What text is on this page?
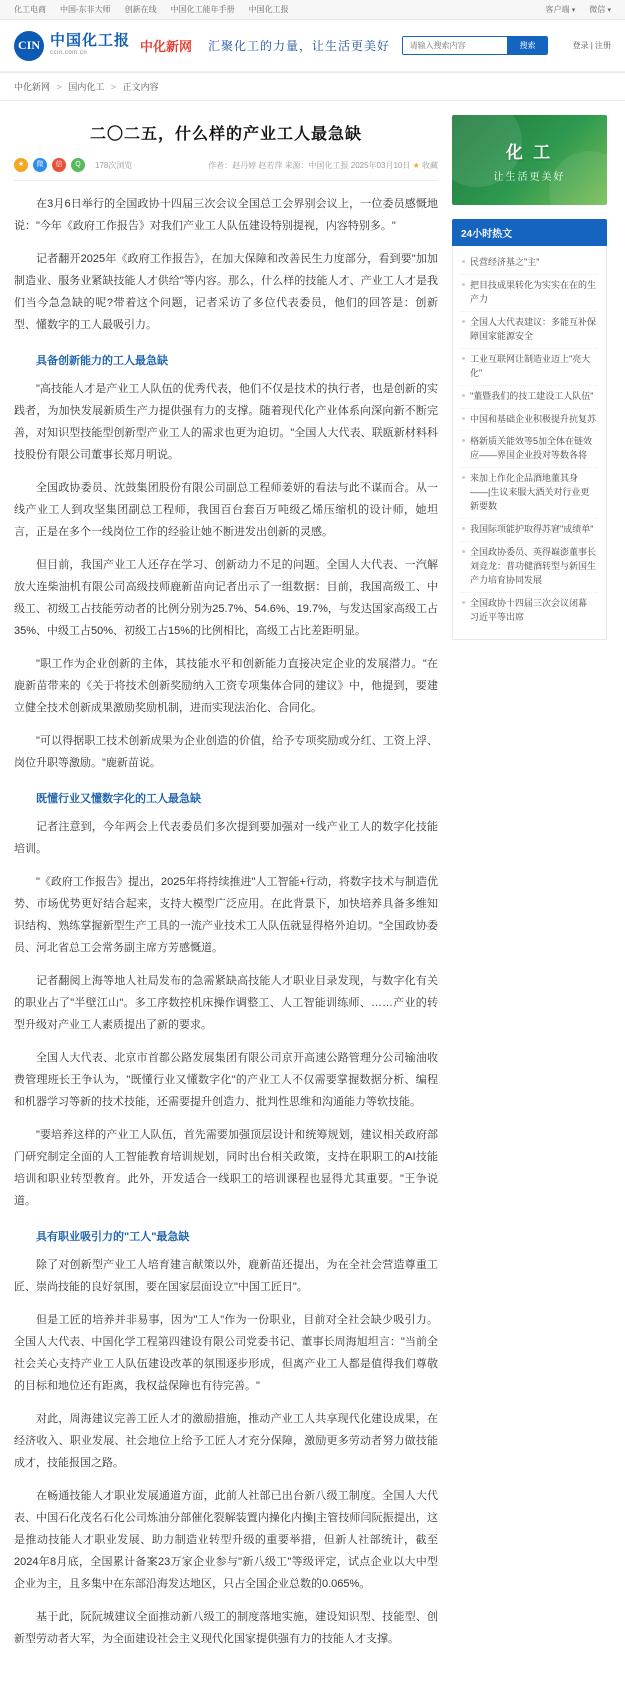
化工电商 中国-东非大师 创新在线 中国化工能年手册 中国化工报	客户端 ▾ 微信 ▾
CIN 中国化工报
ccin.com.cn	中化新网 汇聚化工的力量，让生活更美好
请输入搜索内容	搜索	登录 | 注册
中化新网 > 国内化工 > 正文内容
二〇二五，什么样的产业工人最急缺
★	微	信	Q	178次浏览	作者：赵丹婷 赵若萍 来源：中国化工报 2025年03月10日 ★ 收藏

在3月6日举行的全国政协十四届三次会议全国总工会界别会议上，一位委员感慨地说："今年《政府工作报告》对我们产业工人队伍建设特别提视，内容特别多。"

记者翻开2025年《政府工作报告》，在加大保障和改善民生力度部分，看到要"加加制造业、服务业紧缺技能人才供给"等内容。那么，什么样的技能人才、产业工人才是我们当今急急缺的呢?带着这个问题，记者采访了多位代表委员，他们的回答是：创新型、懂数字的工人最吸引力。

具备创新能力的工人最急缺

"高技能人才是产业工人队伍的优秀代表，他们不仅是技术的执行者，也是创新的实践者，为加快发展新质生产力提供强有力的支撑。随着现代化产业体系向深向新不断完善，对知识型技能型创新型产业工人的需求也更为迫切。"全国人大代表、联瓯新材料科技股份有限公司董事长郑月明说。

全国政协委员、沈鼓集团股份有限公司副总工程师姜妍的看法与此不谋而合。从一线产业工人到攻坚集团副总工程师，我国百台套百万吨级乙烯压缩机的设计师，她坦言，正是在多个一线岗位工作的经验让她不断进发出创新的灵感。

但目前，我国产业工人还存在学习、创新动力不足的问题。全国人大代表、一汽解放大连柴油机有限公司高级技师鹿新苗向记者出示了一组数据：目前，我国高级工、中级工、初级工占技能劳动者的比例分别为25.7%、54.6%、19.7%，与发达国家高级工占35%、中级工占50%、初级工占15%的比例相比，高级工占比差距明显。

"职工作为企业创新的主体，其技能水平和创新能力直接决定企业的发展潜力。"在鹿新苗带来的《关于将技术创新奖励纳入工资专项集体合同的建议》中，他提到，要建立健全技术创新成果激励奖励机制，进而实现法治化、合同化。

"可以得据职工技术创新成果为企业创造的价值，给予专项奖励或分红、工资上浮、岗位升职等激励。"鹿新苗说。

既懂行业又懂数字化的工人最急缺

记者注意到，今年两会上代表委员们多次提到要加强对一线产业工人的数字化技能培训。

"《政府工作报告》提出，2025年将持续推进"人工智能+行动，将数字技术与制造优势、市场优势更好结合起来，支持大模型广泛应用。在此背景下，加快培养具备多维知识结构、熟练掌握新型生产工具的一流产业技术工人队伍就显得格外迫切。"全国政协委员、河北省总工会常务副主席方芳感慨道。

记者翻阅上海等地人社局发布的急需紧缺高技能人才职业目录发现，与数字化有关的职业占了"半壁江山"。多工序数控机床操作调整工、人工智能训练师、……产业的转型升级对产业工人素质提出了新的要求。

全国人大代表、北京市首都公路发展集团有限公司京开高速公路管理分公司输油收费管理班长王争认为，"既懂行业又懂数字化"的产业工人不仅需要掌握数据分析、编程和机器学习等新的技术技能，还需要提升创造力、批判性思维和沟通能力等软技能。

"要培养这样的产业工人队伍，首先需要加强顶层设计和统筹规划，建议相关政府部门研究制定全面的人工智能教育培训规划，同时出台相关政策，支持在职职工的AI技能培训和职业转型教育。此外，开发适合一线职工的培训课程也显得尤其重要。"王争说道。

具有职业吸引力的"工人"最急缺

除了对创新型产业工人培育建言献策以外，鹿新苗还提出，为在全社会营造尊重工匠、崇尚技能的良好氛围，要在国家层面设立"中国工匠日"。

但是工匠的培养并非易事，因为"工人"作为一份职业，目前对全社会缺少吸引力。全国人大代表、中国化学工程第四建设有限公司党委书记、董事长周海旭坦言："当前全社会关心支持产业工人队伍建设改革的氛围逐步形成，但离产业工人都是值得我们尊敬的目标和地位还有距离，我权益保障也有待完善。"

对此，周海建议完善工匠人才的激励措施，推动产业工人共享现代化建设成果，在经济收入、职业发展、社会地位上给予工匠人才充分保障，激励更多劳动者努力做技能成才，技能报国之路。

在畅通技能人才职业发展通道方面，此前人社部已出台新八级工制度。全国人大代表、中国石化茂名石化公司炼油分部催化裂解装置内操化内操|主管技师闫阮振提出，这是推动技能人才职业发展、助力制造业转型升级的重要举措，但新人社部统计，截至2024年8月底，全国累计备案23万家企业参与"新八级工"等级评定，试点企业以大中型企业为主，且多集中在东部沿海发达地区，只占全国企业总数的0.065%。

基于此，阮阮城建议全面推动新八级工的制度落地实施，建设知识型、技能型、创新型劳动者大军，为全面建设社会主义现代化国家提供强有力的技能人才支撑。

化 工
让生活更美好
24小时热文
民营经济基之"主"
把目技成果转化为实实在在的生产力
全国人大代表建议：多能互补保障国家能源安全
工业互联网让制造业迈上"亮大化"
"董暨我们的技工建设工人队伍"
中国和基础企业积极提升抗复苏
格新质关能效等5加全体在链效应——界国企业投对等数各将
来加上作化企品酒地董其身——|生议来服大酒关对行业更新要数
我国际项能护取得苏窘"成绩单"
全国政协委员、英得巅澎董事长刘竞龙：普功健酒转型与新国生产力培育协同发展
全国政协十四届三次会议闭幕 习近平等出席
